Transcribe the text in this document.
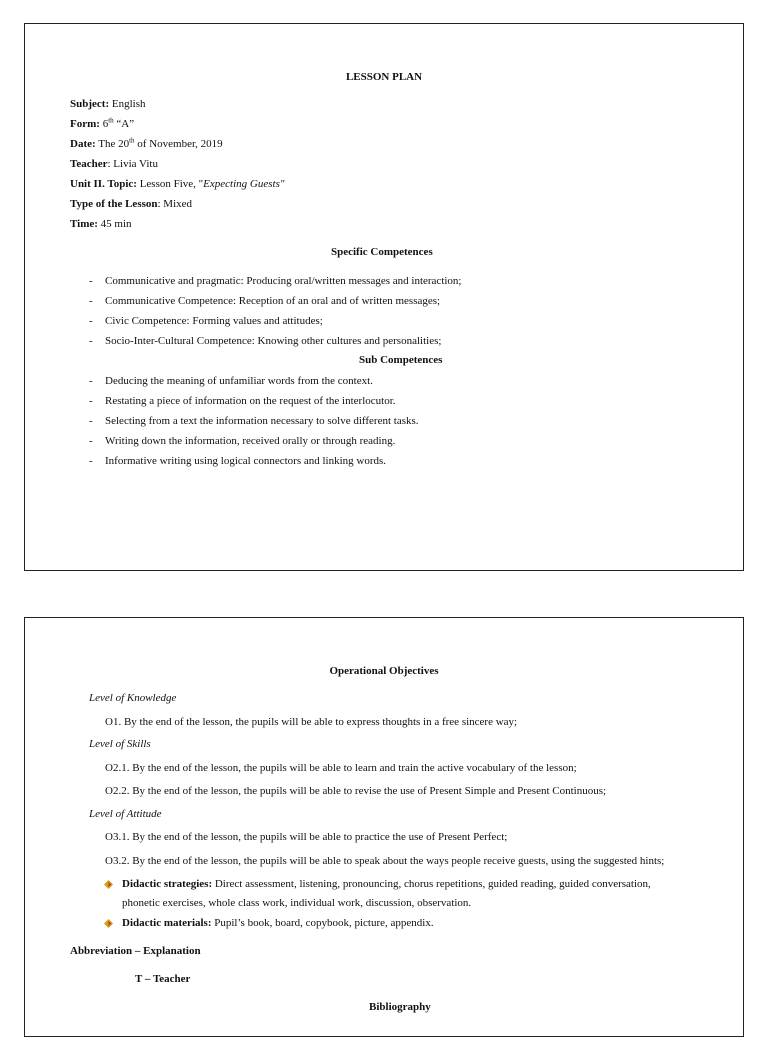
LESSON PLAN
Subject: English
Form: 6th “A”
Date: The 20th of November, 2019
Teacher: Livia Vitu
Unit II. Topic: Lesson Five, "Expecting Guests"
Type of the Lesson: Mixed
Time: 45 min
Specific Competences
- Communicative and pragmatic: Producing oral/written messages and interaction;
- Communicative Competence: Reception of an oral and of written messages;
- Civic Competence: Forming values and attitudes;
- Socio-Inter-Cultural Competence: Knowing other cultures and personalities;
Sub Competences
- Deducing the meaning of unfamiliar words from the context.
- Restating a piece of information on the request of the interlocutor.
- Selecting from a text the information necessary to solve different tasks.
- Writing down the information, received orally or through reading.
- Informative writing using logical connectors and linking words.
Operational Objectives
Level of Knowledge
O1. By the end of the lesson, the pupils will be able to express thoughts in a free sincere way;
Level of Skills
O2.1. By the end of the lesson, the pupils will be able to learn and train the active vocabulary of the lesson;
O2.2. By the end of the lesson, the pupils will be able to revise the use of Present Simple and Present Continuous;
Level of Attitude
O3.1. By the end of the lesson, the pupils will be able to practice the use of Present Perfect;
O3.2. By the end of the lesson, the pupils will be able to speak about the ways people receive guests, using the suggested hints;
Didactic strategies: Direct assessment, listening, pronouncing, chorus repetitions, guided reading, guided conversation,
phonetic exercises, whole class work, individual work, discussion, observation.
Didactic materials: Pupil’s book, board, copybook, picture, appendix.
Abbreviation – Explanation
T – Teacher
Bibliography
